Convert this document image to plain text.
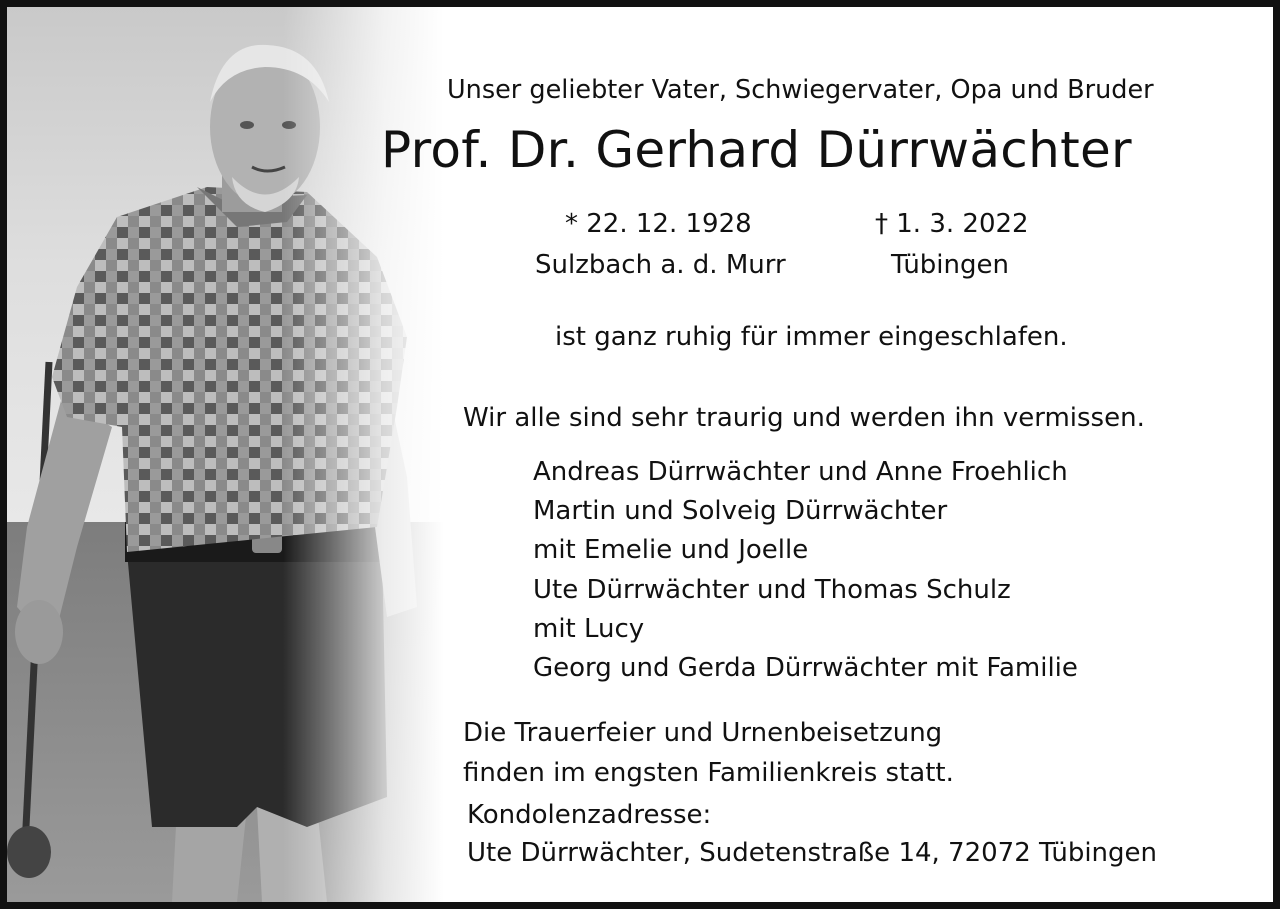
Unser geliebter Vater, Schwiegervater, Opa und Bruder
Prof. Dr. Gerhard Dürrwächter
* 22. 12. 1928	† 1. 3. 2022
Sulzbach a. d. Murr	Tübingen
ist ganz ruhig für immer eingeschlafen.
Wir alle sind sehr traurig und werden ihn vermissen.
Andreas Dürrwächter und Anne Froehlich
Martin und Solveig Dürrwächter
mit Emelie und Joelle
Ute Dürrwächter und Thomas Schulz
mit Lucy
Georg und Gerda Dürrwächter mit Familie
Die Trauerfeier und Urnenbeisetzung
finden im engsten Familienkreis statt.
Kondolenzadresse:
Ute Dürrwächter, Sudetenstraße 14, 72072 Tübingen
